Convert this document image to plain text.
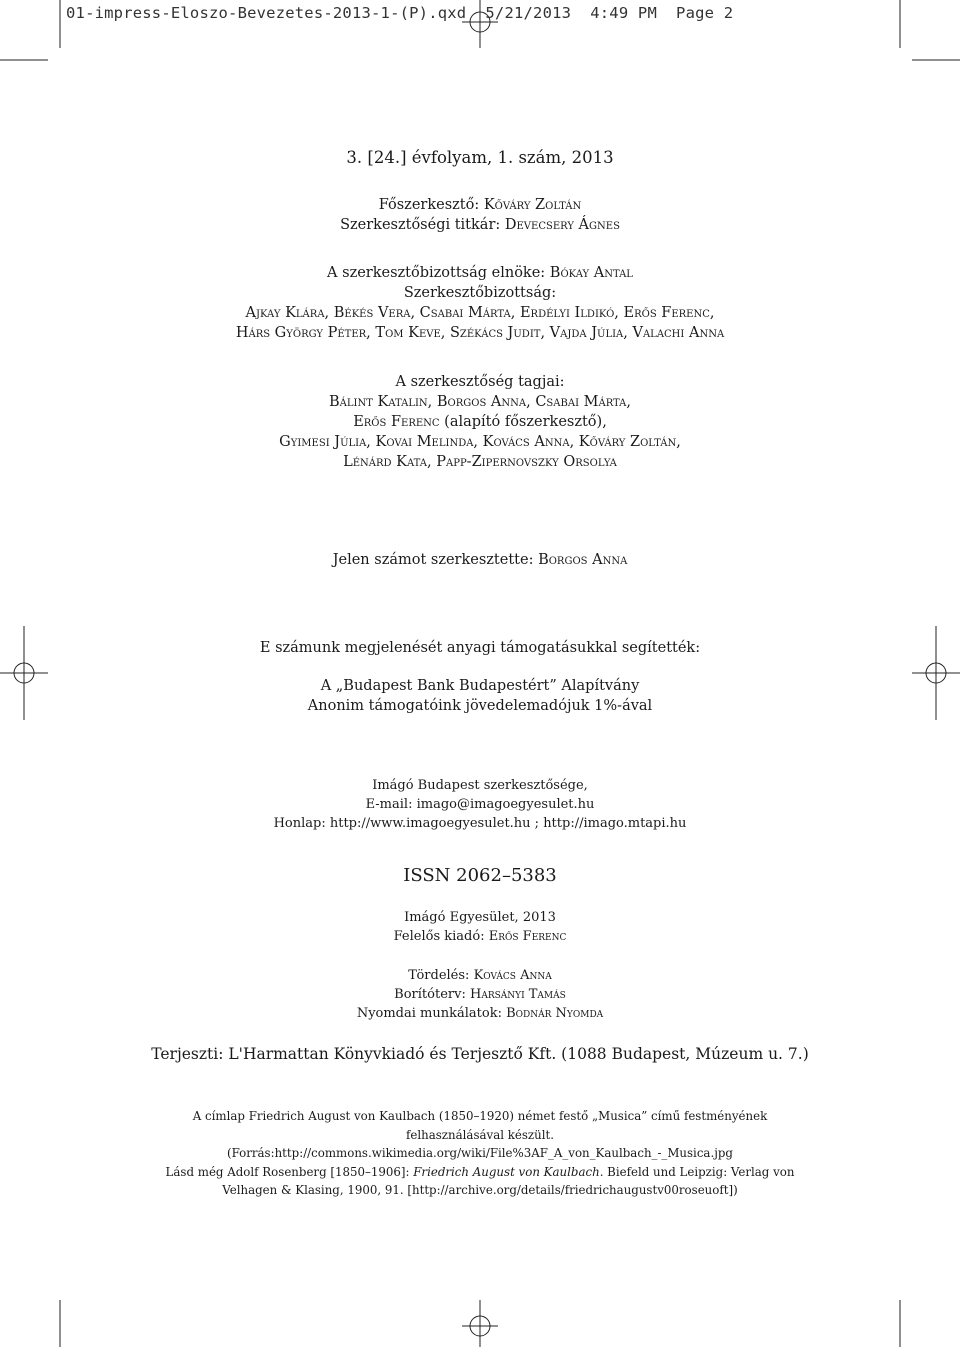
01-impress-Eloszo-Bevezetes-2013-1-(P).qxd  5/21/2013  4:49 PM  Page 2
3. [24.] évfolyam, 1. szám, 2013
Főszerkesztő: Kőváry Zoltán
Szerkesztőségi titkár: Devecsery Ágnes
A szerkesztőbizottság elnöke: Bókay Antal
Szerkesztőbizottság:
Ajkay Klára, Békés Vera, Csabai Márta, Erdélyi Ildikó, Erős Ferenc,
Hárs György Péter, Tom Keve, Székács Judit, Vajda Júlia, Valachi Anna
A szerkesztőség tagjai:
Bálint Katalin, Borgos Anna, Csabai Márta,
Erős Ferenc (alapító főszerkesztő),
Gyimesi Júlia, Kovai Melinda, Kovács Anna, Kőváry Zoltán,
Lénárd Kata, Papp-Zipernovszky Orsolya
Jelen számot szerkesztette: Borgos Anna
E számunk megjelenését anyagi támogatásukkal segítették:
A „Budapest Bank Budapestért” Alapítvány
Anonim támogatóink jövedelemadójuk 1%-ával
Imágó Budapest szerkesztősége,
E-mail: imago@imagoegyesulet.hu
Honlap: http://www.imagoegyesulet.hu ; http://imago.mtapi.hu
ISSN 2062–5383
Imágó Egyesület, 2013
Felelős kiadó: Erős Ferenc
Tördelés: Kovács Anna
Borítóterv: Harsányi Tamás
Nyomdai munkálatok: Bodnár Nyomda
Terjeszti: L'Harmattan Könyvkiadó és Terjesztő Kft. (1088 Budapest, Múzeum u. 7.)
A címlap Friedrich August von Kaulbach (1850–1920) német festő „Musica” című festményének
felhasználásával készült.
(Forrás:http://commons.wikimedia.org/wiki/File%3AF_A_von_Kaulbach_-_Musica.jpg
Lásd még Adolf Rosenberg [1850–1906]: Friedrich August von Kaulbach. Biefeld und Leipzig: Verlag von
Velhagen & Klasing, 1900, 91. [http://archive.org/details/friedrichaugustv00roseuoft])
